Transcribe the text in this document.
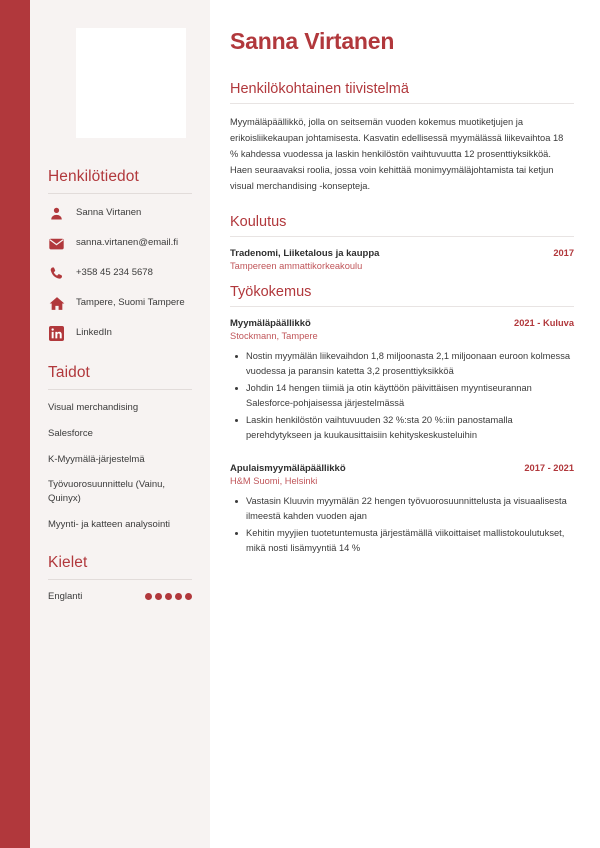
Henkilötiedot
Sanna Virtanen
sanna.virtanen@email.fi
+358 45 234 5678
Tampere, Suomi Tampere
LinkedIn
Taidot
Visual merchandising
Salesforce
K-Myymälä-järjestelmä
Työvuorosuunnittelu (Vainu, Quinyx)
Myynti- ja katteen analysointi
Kielet
Englanti
Sanna Virtanen
Henkilökohtainen tiivistelmä

Myymäläpäällikkö, jolla on seitsemän vuoden kokemus muotiketjujen ja erikoisliikekaupan johtamisesta. Kasvatin edellisessä myymälässä liikevaihtoa 18 % kahdessa vuodessa ja laskin henkilöstön vaihtuvuutta 12 prosenttiyksikköä. Haen seuraavaksi roolia, jossa voin kehittää monimyymäläjohtamista tai ketjun visual merchandising -konsepteja.

Koulutus
Tradenomi, Liiketalous ja kauppa	2017
Tampereen ammattikorkeakoulu
Työkokemus
Myymäläpäällikkö	2021 - Kuluva
Stockmann, Tampere
Nostin myymälän liikevaihdon 1,8 miljoonasta 2,1 miljoonaan euroon kolmessa vuodessa ja paransin katetta 3,2 prosenttiyksikköä
Johdin 14 hengen tiimiä ja otin käyttöön päivittäisen myyntiseurannan Salesforce-pohjaisessa järjestelmässä
Laskin henkilöstön vaihtuvuuden 32 %:sta 20 %:iin panostamalla perehdytykseen ja kuukausittaisiin kehityskeskusteluihin
Apulaismyymäläpäällikkö	2017 - 2021
H&M Suomi, Helsinki
Vastasin Kluuvin myymälän 22 hengen työvuorosuunnittelusta ja visuaalisesta ilmeestä kahden vuoden ajan
Kehitin myyjien tuotetuntemusta järjestämällä viikoittaiset mallistokoulutukset, mikä nosti lisämyyntiä 14 %
